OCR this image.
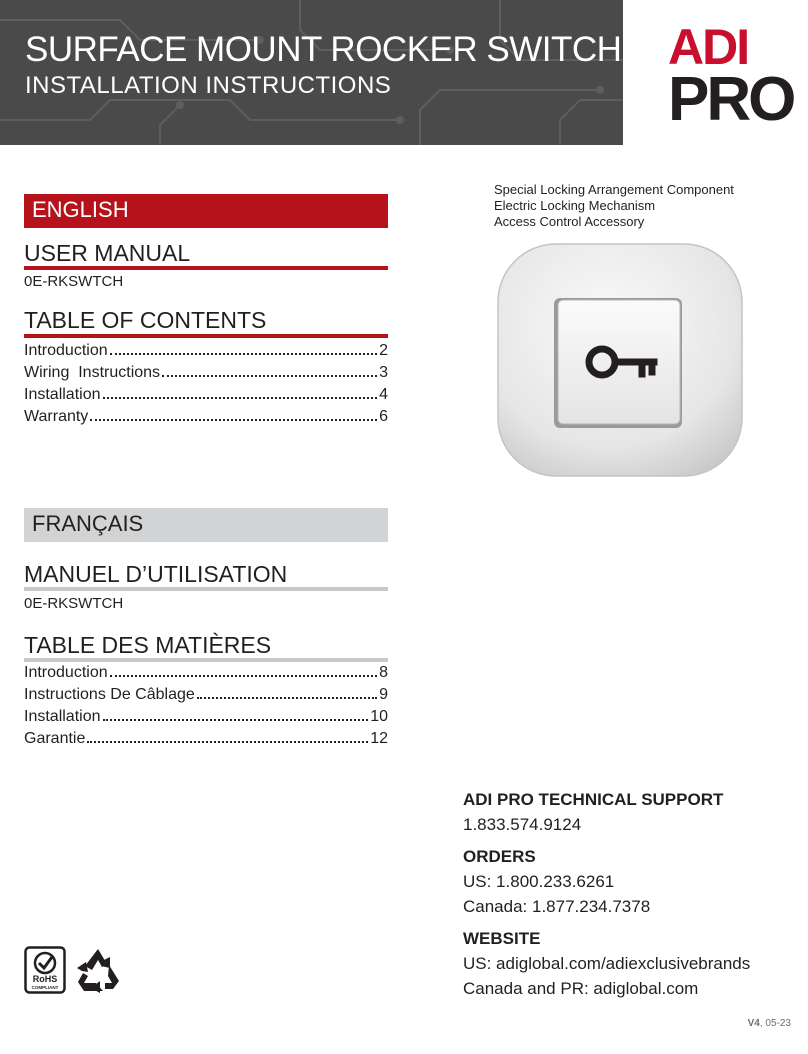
SURFACE MOUNT ROCKER SWITCH
INSTALLATION INSTRUCTIONS
ADI
PRO
ENGLISH
USER MANUAL
0E-RKSWTCH
TABLE OF CONTENTS
Introduction	2
Wiring  Instructions	3
Installation	4
Warranty	6
FRANÇAIS
MANUEL D’UTILISATION
0E-RKSWTCH
TABLE DES MATIÈRES
Introduction	8
Instructions De Câblage	9
Installation	10
Garantie	12
Special Locking Arrangement Component
Electric Locking Mechanism
Access Control Accessory
ADI PRO TECHNICAL SUPPORT
1.833.574.9124
ORDERS
US: 1.800.233.6261
Canada: 1.877.234.7378
WEBSITE
US: adiglobal.com/adiexclusivebrands
Canada and PR: adiglobal.com
RoHS
COMPLIANT
V4, 05-23
